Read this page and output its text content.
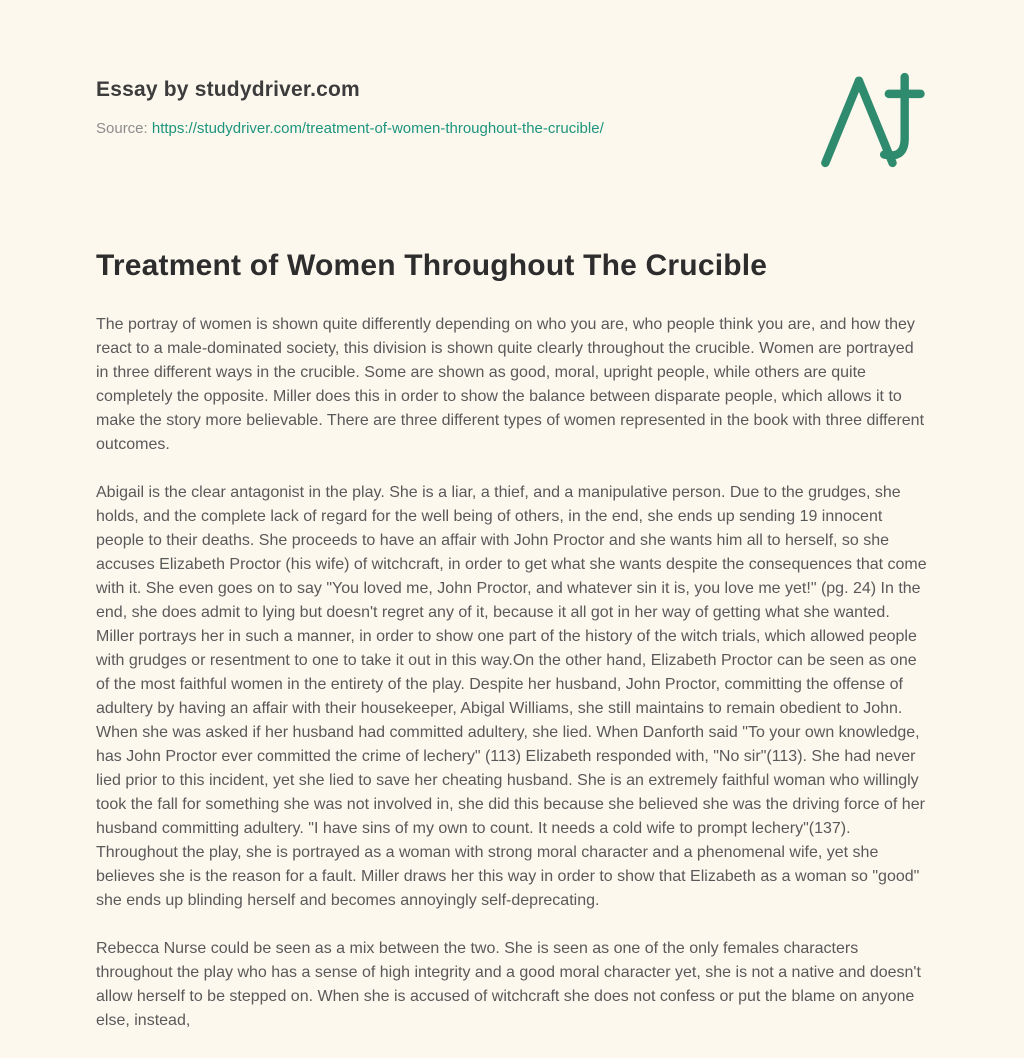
Essay by studydriver.com
Source: https://studydriver.com/treatment-of-women-throughout-the-crucible/
Treatment of Women Throughout The Crucible

The portray of women is shown quite differently depending on who you are, who people think you are, and how they react to a male-dominated society, this division is shown quite clearly throughout the crucible. Women are portrayed in three different ways in the crucible. Some are shown as good, moral, upright people, while others are quite completely the opposite. Miller does this in order to show the balance between disparate people, which allows it to make the story more believable. There are three different types of women represented in the book with three different outcomes.

Abigail is the clear antagonist in the play. She is a liar, a thief, and a manipulative person. Due to the grudges, she holds, and the complete lack of regard for the well being of others, in the end, she ends up sending 19 innocent people to their deaths. She proceeds to have an affair with John Proctor and she wants him all to herself, so she accuses Elizabeth Proctor (his wife) of witchcraft, in order to get what she wants despite the consequences that come with it. She even goes on to say "You loved me, John Proctor, and whatever sin it is, you love me yet!" (pg. 24) In the end, she does admit to lying but doesn't regret any of it, because it all got in her way of getting what she wanted. Miller portrays her in such a manner, in order to show one part of the history of the witch trials, which allowed people with grudges or resentment to one to take it out in this way.On the other hand, Elizabeth Proctor can be seen as one of the most faithful women in the entirety of the play. Despite her husband, John Proctor, committing the offense of adultery by having an affair with their housekeeper, Abigal Williams, she still maintains to remain obedient to John. When she was asked if her husband had committed adultery, she lied. When Danforth said "To your own knowledge, has John Proctor ever committed the crime of lechery" (113) Elizabeth responded with, "No sir"(113). She had never lied prior to this incident, yet she lied to save her cheating husband. She is an extremely faithful woman who willingly took the fall for something she was not involved in, she did this because she believed she was the driving force of her husband committing adultery. "I have sins of my own to count. It needs a cold wife to prompt lechery"(137). Throughout the play, she is portrayed as a woman with strong moral character and a phenomenal wife, yet she believes she is the reason for a fault. Miller draws her this way in order to show that Elizabeth as a woman so "good" she ends up blinding herself and becomes annoyingly self-deprecating.

Rebecca Nurse could be seen as a mix between the two. She is seen as one of the only females characters throughout the play who has a sense of high integrity and a good moral character yet, she is not a native and doesn't allow herself to be stepped on. When she is accused of witchcraft she does not confess or put the blame on anyone else, instead,
